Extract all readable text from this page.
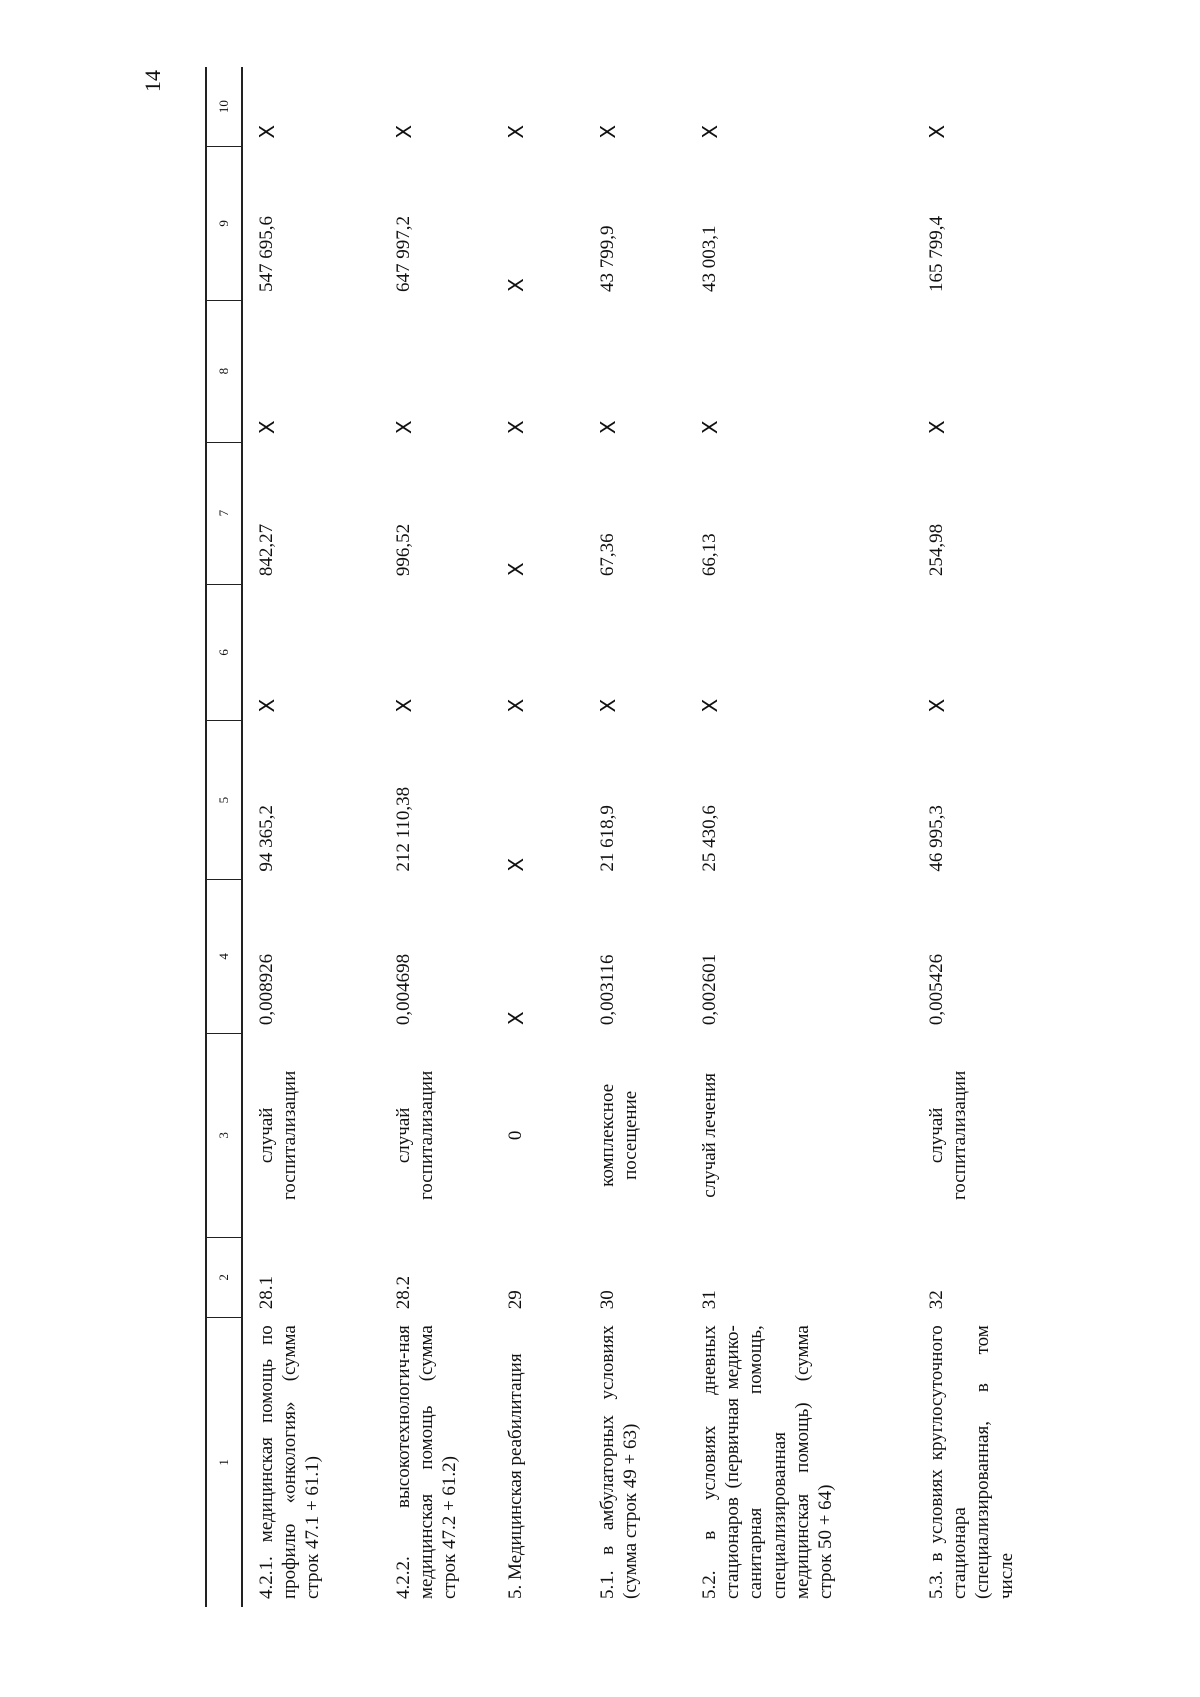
14
1	2	3	4	5	6	7	8	9	10
4.2.1. медицинская помощь по профилю «онкология» (сумма строк 47.1 + 61.1)	28.1	случай госпитализации	0,008926	94 365,2	Х	842,27	Х	547 695,6	Х
4.2.2. высокотехнологич-ная медицинская помощь (сумма строк 47.2 + 61.2)	28.2	случай госпитализации	0,004698	212 110,38	Х	996,52	Х	647 997,2	Х
5. Медицинская реабилитация	29	0	Х	Х	Х	Х	Х	Х	Х
5.1. в амбулаторных условиях (сумма строк 49 + 63)	30	комплексное посещение	0,003116	21 618,9	Х	67,36	Х	43 799,9	Х
5.2. в условиях дневных стационаров (первичная медико-санитарная помощь, специализированная медицинская помощь) (сумма строк 50 + 64)	31	случай лечения	0,002601	25 430,6	Х	66,13	Х	43 003,1	Х
5.3. в условиях круглосуточного стационара (специализированная, в том числе	32	случай госпитализации	0,005426	46 995,3	Х	254,98	Х	165 799,4	Х
